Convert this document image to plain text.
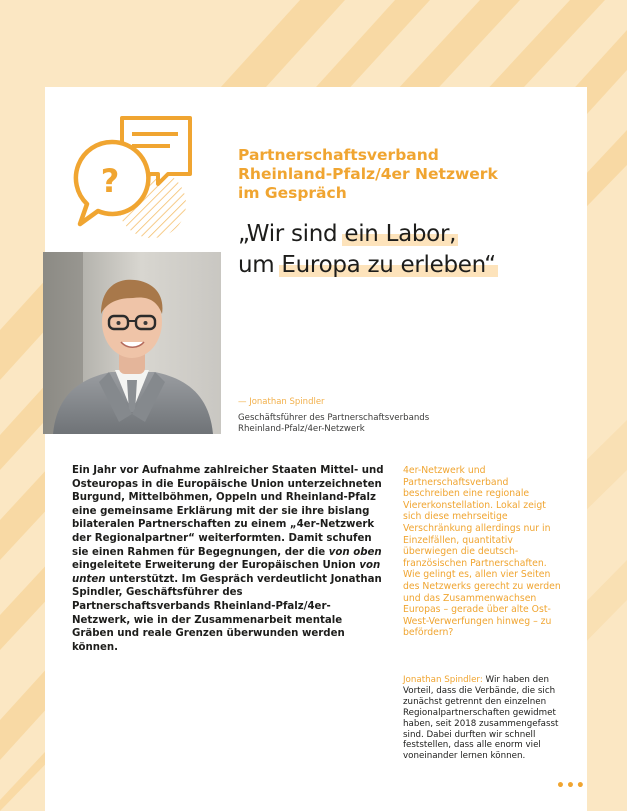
?
Partnerschaftsverband
Rheinland-Pfalz/4er Netzwerk
im Gespräch
„Wir sind ein Labor,
um Europa zu erleben“
— Jonathan Spindler
Geschäftsführer des Partnerschaftsverbands
Rheinland-Pfalz/4er-Netzwerk
Ein Jahr vor Aufnahme zahlreicher Staaten Mittel- und Osteuropas in die Europäische Union unterzeichneten Burgund, Mittelböhmen, Oppeln und Rheinland-Pfalz eine gemeinsame Erklärung mit der sie ihre bislang bilateralen Partnerschaften zu einem „4er-Netzwerk der Regionalpartner“ weiterformten. Damit schufen sie einen Rahmen für Begegnungen, der die von oben eingeleitete Erweiterung der Europäischen Union von unten unterstützt. Im Gespräch verdeutlicht Jonathan Spindler, Geschäftsführer des Partnerschaftsverbands Rheinland-Pfalz/4er-Netzwerk, wie in der Zusammenarbeit mentale Gräben und reale Grenzen überwunden werden können.
4er-Netzwerk und Partnerschaftsverband beschreiben eine regionale Viererkonstellation. Lokal zeigt sich diese mehrseitige Verschränkung allerdings nur in Einzelfällen, quantitativ überwiegen die deutsch-französischen Partnerschaften. Wie gelingt es, allen vier Seiten des Netzwerks gerecht zu werden und das Zusammenwachsen Europas – gerade über alte Ost-West-Verwerfungen hinweg – zu befördern?
Jonathan Spindler: Wir haben den Vorteil, dass die Verbände, die sich zunächst getrennt den einzelnen Regionalpartnerschaften gewidmet haben, seit 2018 zusammengefasst sind. Dabei durften wir schnell feststellen, dass alle enorm viel voneinander lernen können.
•••
